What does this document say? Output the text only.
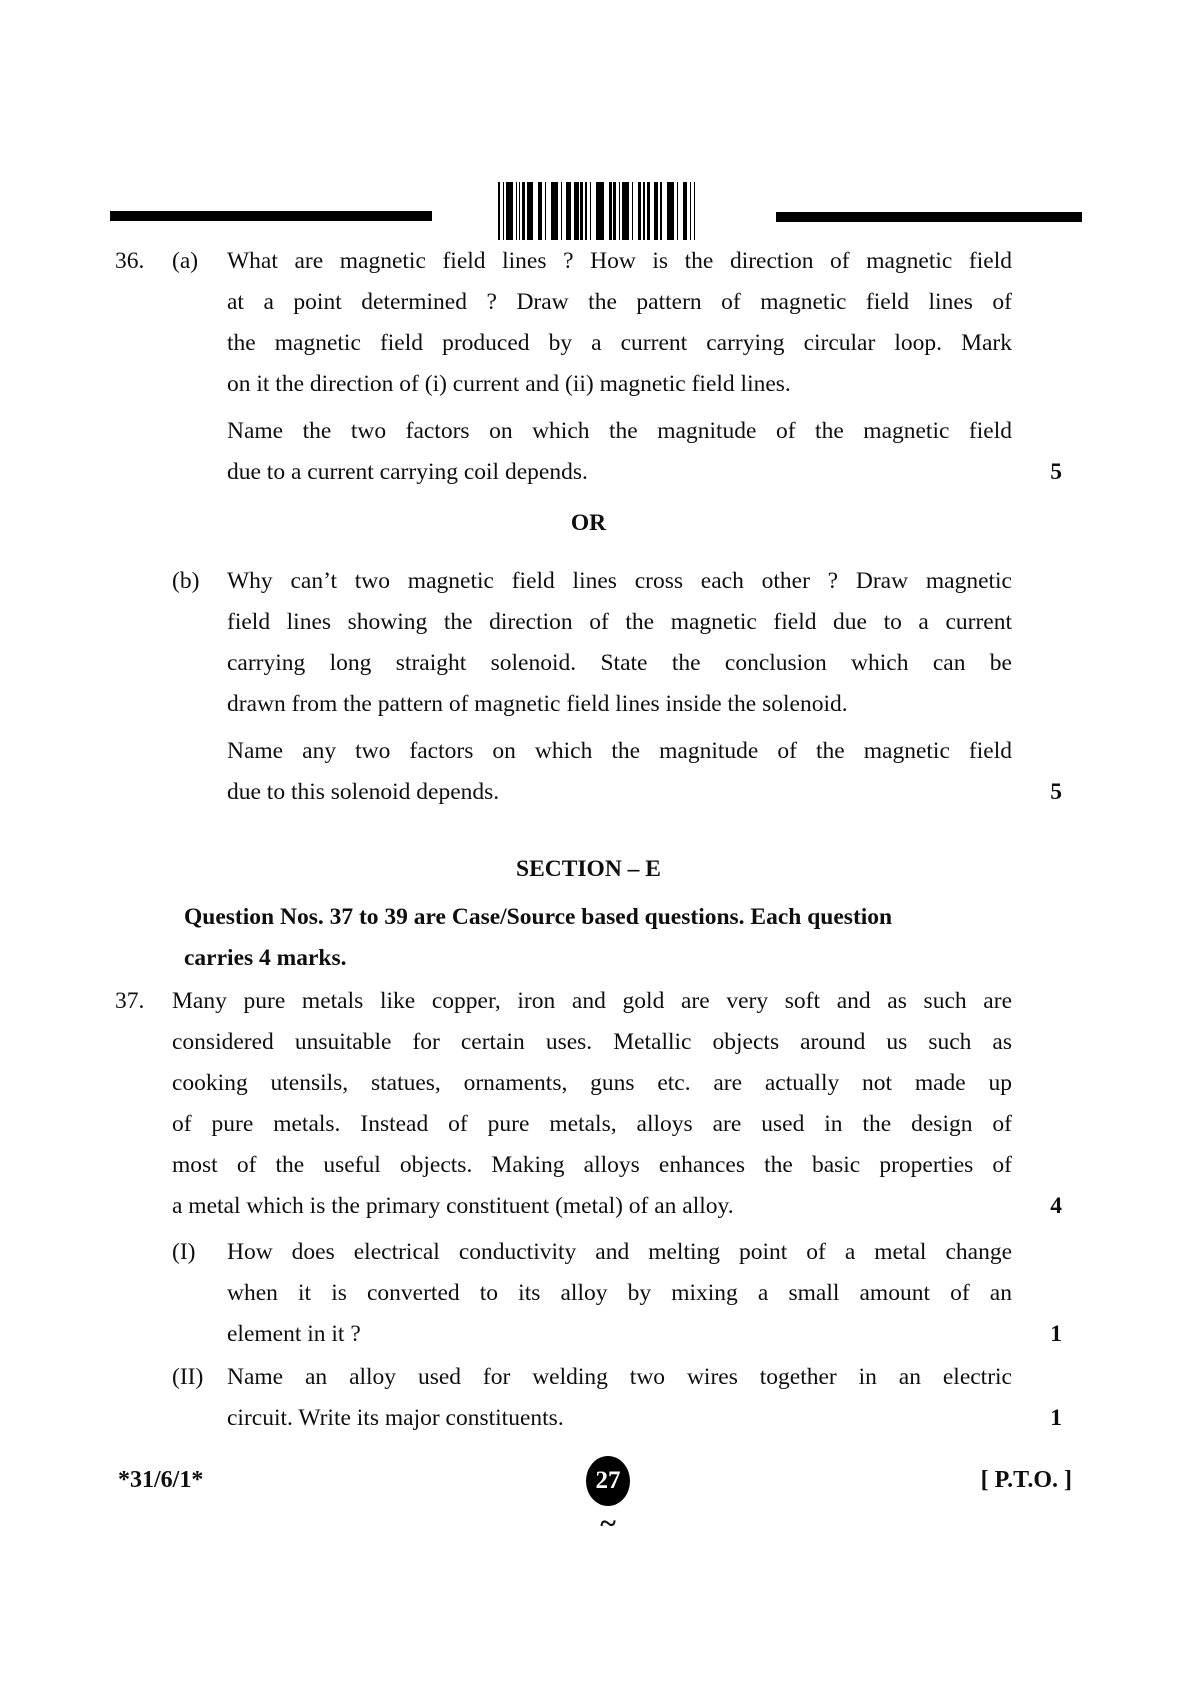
36. (a) What are magnetic field lines ? How is the direction of magnetic field
at a point determined ? Draw the pattern of magnetic field lines of
the magnetic field produced by a current carrying circular loop. Mark
on it the direction of (i) current and (ii) magnetic field lines.
Name the two factors on which the magnitude of the magnetic field
due to a current carrying coil depends.	5
OR
(b) Why can’t two magnetic field lines cross each other ? Draw magnetic
field lines showing the direction of the magnetic field due to a current
carrying long straight solenoid. State the conclusion which can be
drawn from the pattern of magnetic field lines inside the solenoid.
Name any two factors on which the magnitude of the magnetic field
due to this solenoid depends.	5
SECTION – E
Question Nos. 37 to 39 are Case/Source based questions. Each question
carries 4 marks.
37. Many pure metals like copper, iron and gold are very soft and as such are
considered unsuitable for certain uses. Metallic objects around us such as
cooking utensils, statues, ornaments, guns etc. are actually not made up
of pure metals. Instead of pure metals, alloys are used in the design of
most of the useful objects. Making alloys enhances the basic properties of
a metal which is the primary constituent (metal) of an alloy.	4
(I) How does electrical conductivity and melting point of a metal change
when it is converted to its alloy by mixing a small amount of an
element in it ?	1
(II) Name an alloy used for welding two wires together in an electric
circuit. Write its major constituents.	1
*31/6/1*	27	[ P.T.O. ]
~
